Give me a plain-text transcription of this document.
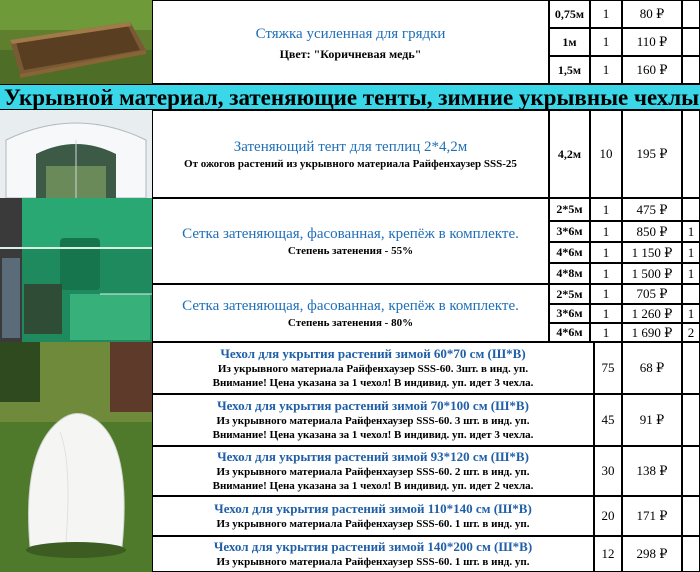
Стяжка усиленная для грядки
Цвет: "Коричневая медь"
0,75м	1	80 ₽
1м	1	110 ₽
1,5м	1	160 ₽
Укрывной материал, затеняющие тенты, зимние укрывные чехлы
Затеняющий тент для теплиц 2*4,2м
От ожогов растений из укрывного материала Райфенхаузер SSS-25
4,2м	10	195 ₽
Сетка затеняющая, фасованная, крепёж в комплекте.
Степень затенения - 55%
2*5м	1	475 ₽
3*6м	1	850 ₽	1
4*6м	1	1 150 ₽	1
4*8м	1	1 500 ₽	1
Сетка затеняющая, фасованная, крепёж в комплекте.
Степень затенения - 80%
2*5м	1	705 ₽
3*6м	1	1 260 ₽	1
4*6м	1	1 690 ₽	2
Чехол для укрытия растений зимой 60*70 см (Ш*В)
Из укрывного материала Райфенхаузер SSS-60. 3шт. в инд. уп.
Внимание! Цена указана за 1 чехол! В индивид. уп. идет 3 чехла.
75	68 ₽
Чехол для укрытия растений зимой 70*100 см (Ш*В)
Из укрывного материала Райфенхаузер SSS-60. 3 шт. в инд. уп.
Внимание! Цена указана за 1 чехол! В индивид. уп. идет 3 чехла.
45	91 ₽
Чехол для укрытия растений зимой 93*120 см (Ш*В)
Из укрывного материала Райфенхаузер SSS-60. 2 шт. в инд. уп.
Внимание! Цена указана за 1 чехол! В индивид. уп. идет 2 чехла.
30	138 ₽
Чехол для укрытия растений зимой 110*140 см (Ш*В)
Из укрывного материала Райфенхаузер SSS-60. 1 шт. в инд. уп.
20	171 ₽
Чехол для укрытия растений зимой 140*200 см (Ш*В)
Из укрывного материала Райфенхаузер SSS-60. 1 шт. в инд. уп.
12	298 ₽
